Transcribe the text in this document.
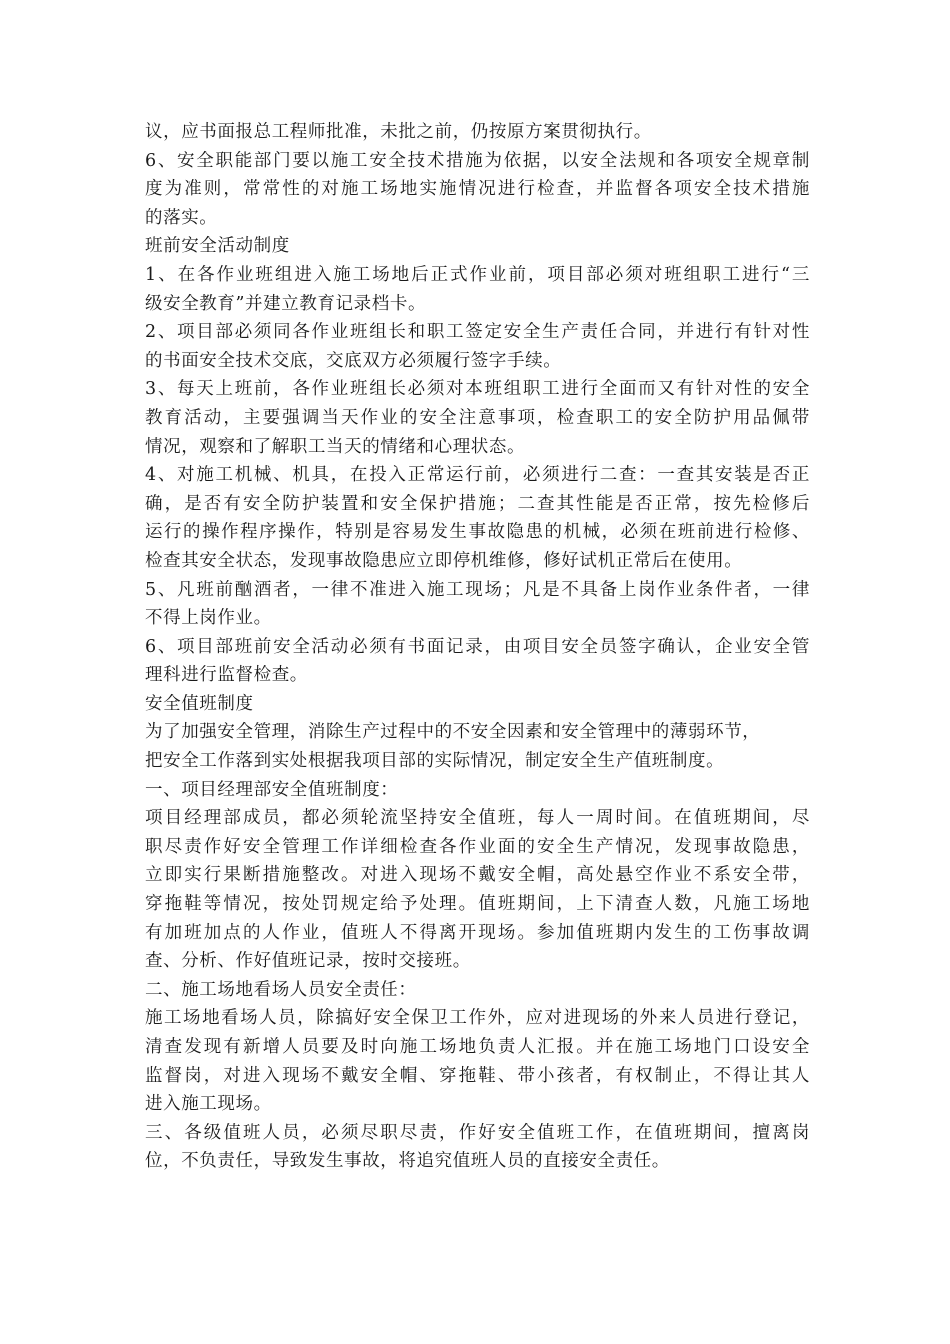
议，应书面报总工程师批准，未批之前，仍按原方案贯彻执行。
6、安全职能部门要以施工安全技术措施为依据，以安全法规和各项安全规章制
度为准则，常常性的对施工场地实施情况进行检查，并监督各项安全技术措施
的落实。
班前安全活动制度
1、在各作业班组进入施工场地后正式作业前，项目部必须对班组职工进行“三
级安全教育”并建立教育记录档卡。
2、项目部必须同各作业班组长和职工签定安全生产责任合同，并进行有针对性
的书面安全技术交底，交底双方必须履行签字手续。
3、每天上班前，各作业班组长必须对本班组职工进行全面而又有针对性的安全
教育活动，主要强调当天作业的安全注意事项，检查职工的安全防护用品佩带
情况，观察和了解职工当天的情绪和心理状态。
4、对施工机械、机具，在投入正常运行前，必须进行二查：一查其安装是否正
确，是否有安全防护装置和安全保护措施；二查其性能是否正常，按先检修后
运行的操作程序操作，特别是容易发生事故隐患的机械，必须在班前进行检修、
检查其安全状态，发现事故隐患应立即停机维修，修好试机正常后在使用。
5、凡班前酗酒者，一律不准进入施工现场；凡是不具备上岗作业条件者，一律
不得上岗作业。
6、项目部班前安全活动必须有书面记录，由项目安全员签字确认，企业安全管
理科进行监督检查。
安全值班制度
为了加强安全管理，消除生产过程中的不安全因素和安全管理中的薄弱环节，
把安全工作落到实处根据我项目部的实际情况，制定安全生产值班制度。
一、项目经理部安全值班制度：
项目经理部成员，都必须轮流坚持安全值班，每人一周时间。在值班期间，尽
职尽责作好安全管理工作详细检查各作业面的安全生产情况，发现事故隐患，
立即实行果断措施整改。对进入现场不戴安全帽，高处悬空作业不系安全带，
穿拖鞋等情况，按处罚规定给予处理。值班期间，上下清查人数，凡施工场地
有加班加点的人作业，值班人不得离开现场。参加值班期内发生的工伤事故调
查、分析、作好值班记录，按时交接班。
二、施工场地看场人员安全责任：
施工场地看场人员，除搞好安全保卫工作外，应对进现场的外来人员进行登记，
清查发现有新增人员要及时向施工场地负责人汇报。并在施工场地门口设安全
监督岗，对进入现场不戴安全帽、穿拖鞋、带小孩者，有权制止，不得让其人
进入施工现场。
三、各级值班人员，必须尽职尽责，作好安全值班工作，在值班期间，擅离岗
位，不负责任，导致发生事故，将追究值班人员的直接安全责任。
